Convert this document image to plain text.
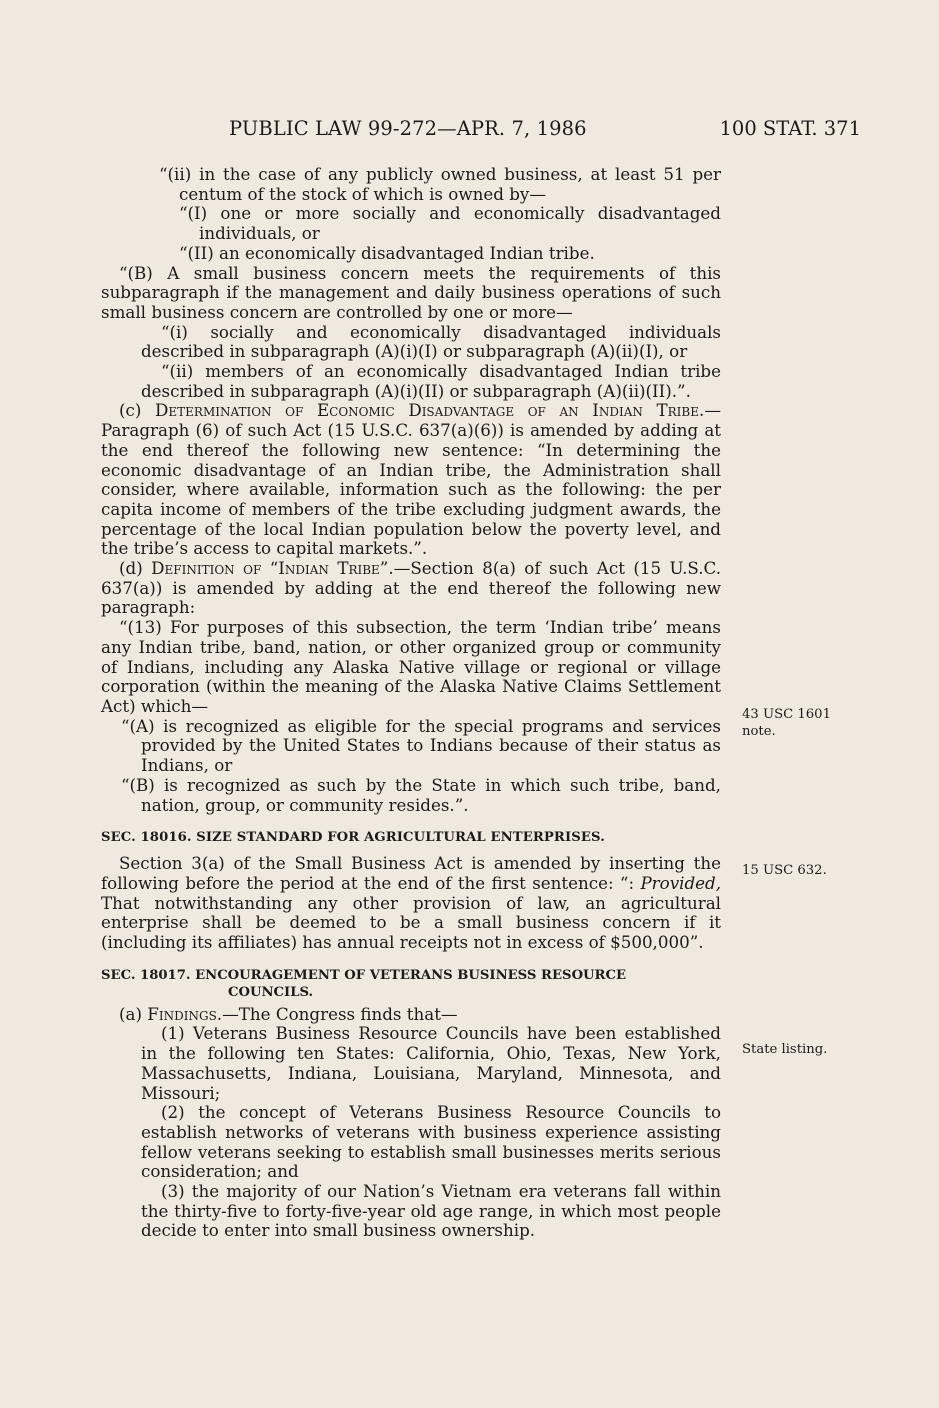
PUBLIC LAW 99-272—APR. 7, 1986	100 STAT. 371

“(ii) in the case of any publicly owned business, at least 51 per centum of the stock of which is owned by—

“(I) one or more socially and economically disadvantaged individuals, or

“(II) an economically disadvantaged Indian tribe.

“(B) A small business concern meets the requirements of this subparagraph if the management and daily business operations of such small business concern are controlled by one or more—

“(i) socially and economically disadvantaged individuals described in subparagraph (A)(i)(I) or subparagraph (A)(ii)(I), or

“(ii) members of an economically disadvantaged Indian tribe described in subparagraph (A)(i)(II) or subparagraph (A)(ii)(II).”.

(c) Determination of Economic Disadvantage of an Indian Tribe.—Paragraph (6) of such Act (15 U.S.C. 637(a)(6)) is amended by adding at the end thereof the following new sentence: “In determining the economic disadvantage of an Indian tribe, the Administration shall consider, where available, information such as the following: the per capita income of members of the tribe excluding judgment awards, the percentage of the local Indian population below the poverty level, and the tribe’s access to capital markets.”.

(d) Definition of “Indian Tribe”.—Section 8(a) of such Act (15 U.S.C. 637(a)) is amended by adding at the end thereof the following new paragraph:

“(13) For purposes of this subsection, the term ‘Indian tribe’ means any Indian tribe, band, nation, or other organized group or community of Indians, including any Alaska Native village or regional or village corporation (within the meaning of the Alaska Native Claims Settlement Act) which—

“(A) is recognized as eligible for the special programs and services provided by the United States to Indians because of their status as Indians, or

“(B) is recognized as such by the State in which such tribe, band, nation, group, or community resides.”.

SEC. 18016. SIZE STANDARD FOR AGRICULTURAL ENTERPRISES.

Section 3(a) of the Small Business Act is amended by inserting the following before the period at the end of the first sentence: “: Provided, That notwithstanding any other provision of law, an agricultural enterprise shall be deemed to be a small business concern if it (including its affiliates) has annual receipts not in excess of $500,000”.

SEC. 18017. ENCOURAGEMENT OF VETERANS BUSINESS RESOURCE
COUNCILS.

(a) Findings.—The Congress finds that—

(1) Veterans Business Resource Councils have been established in the following ten States: California, Ohio, Texas, New York, Massachusetts, Indiana, Louisiana, Maryland, Minnesota, and Missouri;

(2) the concept of Veterans Business Resource Councils to establish networks of veterans with business experience assisting fellow veterans seeking to establish small businesses merits serious consideration; and

(3) the majority of our Nation’s Vietnam era veterans fall within the thirty-five to forty-five-year old age range, in which most people decide to enter into small business ownership.

43 USC 1601
note.
15 USC 632.
State listing.
